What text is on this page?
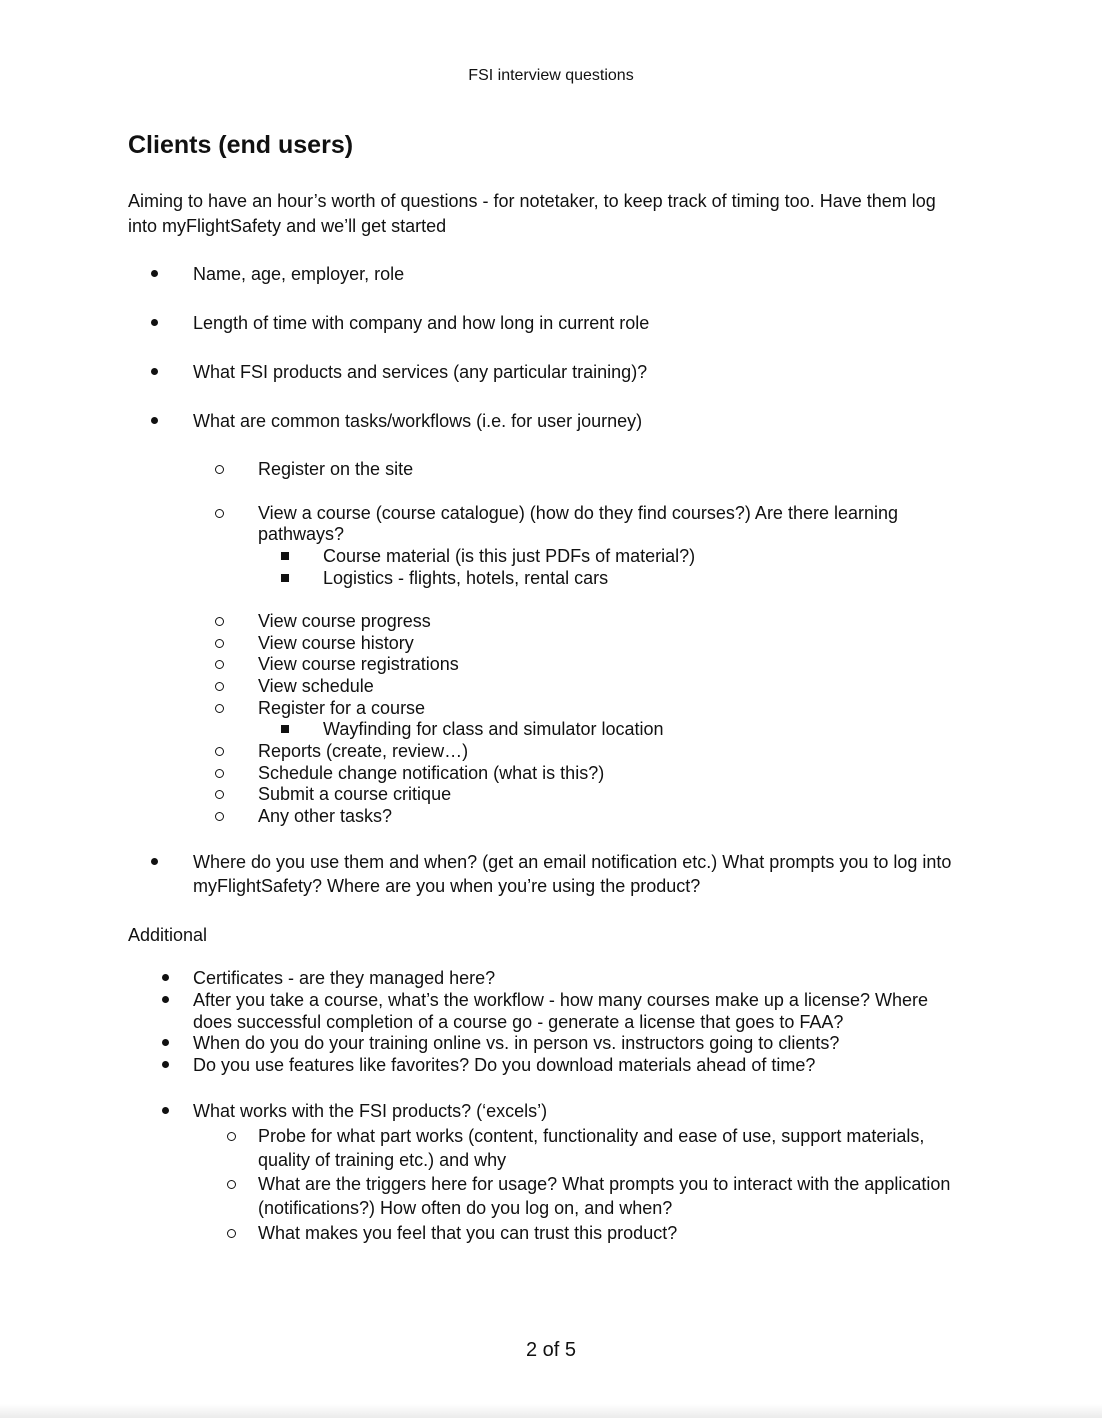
FSI interview questions
Clients (end users)
Aiming to have an hour’s worth of questions - for notetaker, to keep track of timing too. Have them log
into myFlightSafety and we’ll get started
Name, age, employer, role
Length of time with company and how long in current role
What FSI products and services (any particular training)?
What are common tasks/workflows (i.e. for user journey)
Register on the site
View a course (course catalogue) (how do they find courses?) Are there learning
pathways?
Course material (is this just PDFs of material?)
Logistics - flights, hotels, rental cars
View course progress
View course history
View course registrations
View schedule
Register for a course
Wayfinding for class and simulator location
Reports (create, review…)
Schedule change notification (what is this?)
Submit a course critique
Any other tasks?
Where do you use them and when? (get an email notification etc.) What prompts you to log into
myFlightSafety? Where are you when you’re using the product?
Additional
Certificates - are they managed here?
After you take a course, what’s the workflow - how many courses make up a license? Where
does successful completion of a course go - generate a license that goes to FAA?
When do you do your training online vs. in person vs. instructors going to clients?
Do you use features like favorites? Do you download materials ahead of time?
What works with the FSI products? (‘excels’)
Probe for what part works (content, functionality and ease of use, support materials,
quality of training etc.) and why
What are the triggers here for usage? What prompts you to interact with the application
(notifications?) How often do you log on, and when?
What makes you feel that you can trust this product?
2 of 5
